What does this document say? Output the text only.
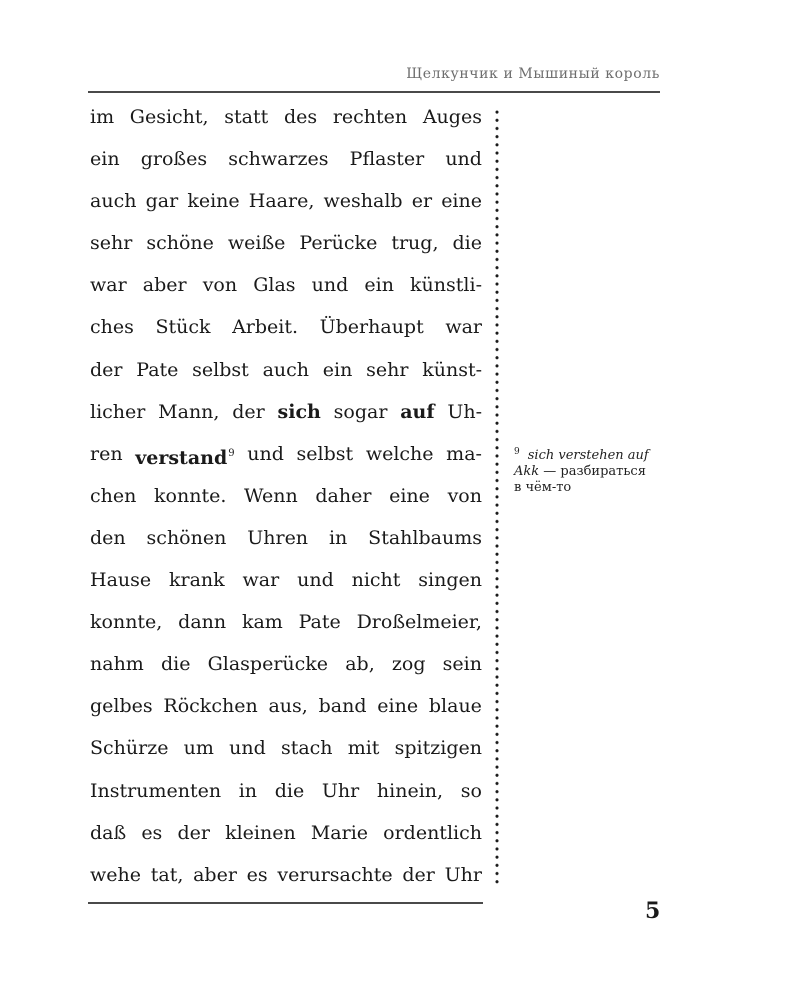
Щелкунчик и Мышиный король
im Gesicht, statt des rechten Auges
ein großes schwarzes Pflaster und
auch gar keine Haare, weshalb er eine
sehr schöne weiße Perücke trug, die
war aber von Glas und ein künstli-
ches Stück Arbeit. Überhaupt war
der Pate selbst auch ein sehr künst-
licher Mann, der sich sogar auf Uh-
ren verstand$^9$ und selbst welche ma-
chen konnte. Wenn daher eine von
den schönen Uhren in Stahlbaums
Hause krank war und nicht singen
konnte, dann kam Pate Droßelmeier,
nahm die Glasperücke ab, zog sein
gelbes Röckchen aus, band eine blaue
Schürze um und stach mit spitzigen
Instrumenten in die Uhr hinein, so
daß es der kleinen Marie ordentlich
wehe tat, aber es verursachte der Uhr
$^9$ sich verstehen auf
Akk — разбираться
в чём-то
5
